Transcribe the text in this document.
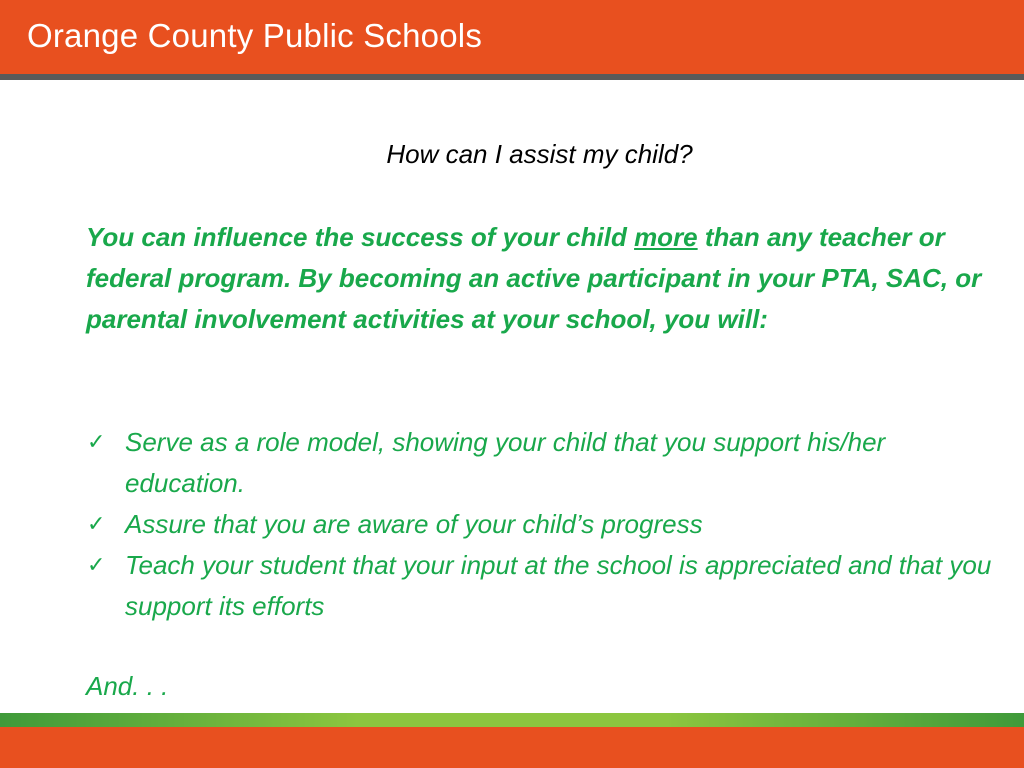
Orange County Public Schools
How can I assist my child?

You can influence the success of your child more than any teacher or federal program. By becoming an active participant in your PTA, SAC, or parental involvement activities at your school, you will:

✓ Serve as a role model, showing your child that you support his/her education.
✓ Assure that you are aware of your child’s progress
✓ Teach your student that your input at the school is appreciated and that you support its efforts
And. . .
